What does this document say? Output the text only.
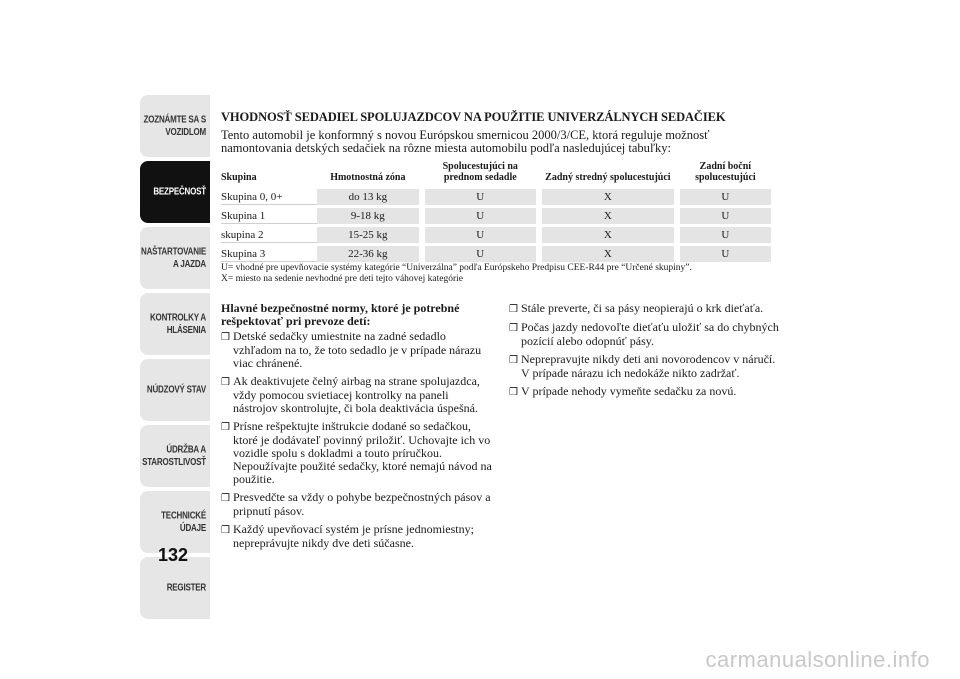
ZOZNÁMTE SA S
VOZIDLOM
BEZPEČNOSŤ
NAŠTARTOVANIE
A JAZDA
KONTROLKY A
HLÁSENIA
NÚDZOVÝ STAV
ÚDRŽBA A
STAROSTLIVOSŤ
TECHNICKÉ
ÚDAJE
REGISTER
132
VHODNOSŤ SEDADIEL SPOLUJAZDCOV NA POUŽITIE UNIVERZÁLNYCH SEDAČIEK

Tento automobil je konformný s novou Európskou smernicou 2000/3/CE, ktorá reguluje možnosť namontovania detských sedačiek na rôzne miesta automobilu podľa nasledujúcej tabuľky:

Skupina	Hmotnostná zóna		Spolucestujúci na prednom sedadle		Zadný stredný spolucestujúci		Zadní boční spolucestujúci
Skupina 0, 0+	do 13 kg		U		X		U
Skupina 1	9-18 kg		U		X		U
skupina 2	15-25 kg		U		X		U
Skupina 3	22-36 kg		U		X		U
U= vhodné pre upevňovacie systémy kategórie “Univerzálna” podľa Európskeho Predpisu CEE-R44 pre “Určené skupiny”.
X= miesto na sedenie nevhodné pre deti tejto váhovej kategórie

Hlavné bezpečnostné normy, ktoré je potrebné rešpektovať pri prevoze detí:

❒ Detské sedačky umiestnite na zadné sedadlo vzhľadom na to, že toto sedadlo je v prípade nárazu viac chránené.

❒ Ak deaktivujete čelný airbag na strane spolujazdca, vždy pomocou svietiacej kontrolky na paneli nástrojov skontrolujte, či bola deaktivácia úspešná.

❒ Prísne rešpektujte inštrukcie dodané so sedačkou, ktoré je dodávateľ povinný priložiť. Uchovajte ich vo vozidle spolu s dokladmi a touto príručkou. Nepoužívajte použité sedačky, ktoré nemajú návod na použitie.

❒ Presvedčte sa vždy o pohybe bezpečnostných pásov a pripnutí pásov.

❒ Každý upevňovací systém je prísne jednomiestny; nepreprávujte nikdy dve deti súčasne.

❒ Stále preverte, či sa pásy neopierajú o krk dieťaťa.

❒ Počas jazdy nedovoľte dieťaťu uložiť sa do chybných pozícií alebo odopnúť pásy.

❒ Neprepravujte nikdy deti ani novorodencov v náručí. V prípade nárazu ich nedokáže nikto zadržať.

❒ V prípade nehody vymeňte sedačku za novú.

carmanualsonline.info
